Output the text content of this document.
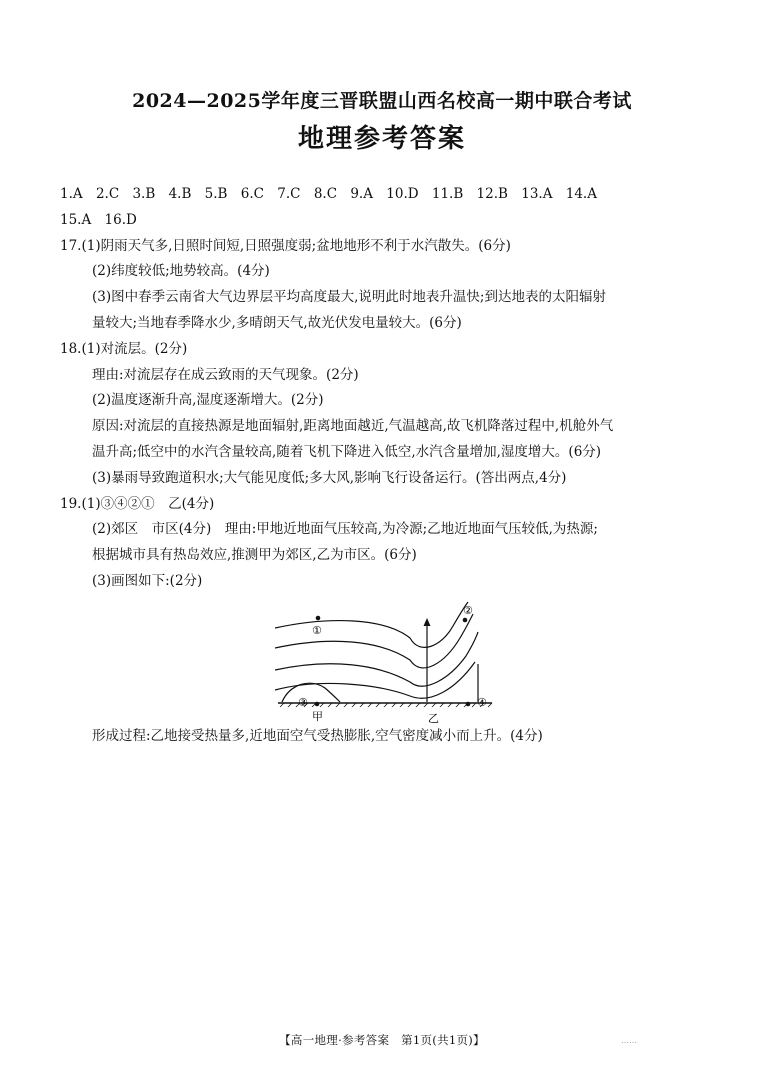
2024—2025学年度三晋联盟山西名校高一期中联合考试
地理参考答案
1.A 2.C 3.B 4.B 5.B 6.C 7.C 8.C 9.A 10.D 11.B 12.B 13.A 14.A
15.A 16.D
17.(1)阴雨天气多,日照时间短,日照强度弱;盆地地形不利于水汽散失。(6分)
(2)纬度较低;地势较高。(4分)
(3)图中春季云南省大气边界层平均高度最大,说明此时地表升温快;到达地表的太阳辐射
量较大;当地春季降水少,多晴朗天气,故光伏发电量较大。(6分)
18.(1)对流层。(2分)
理由:对流层存在成云致雨的天气现象。(2分)
(2)温度逐渐升高,湿度逐渐增大。(2分)
原因:对流层的直接热源是地面辐射,距离地面越近,气温越高,故飞机降落过程中,机舱外气
温升高;低空中的水汽含量较高,随着飞机下降进入低空,水汽含量增加,湿度增大。(6分)
(3)暴雨导致跑道积水;大气能见度低;多大风,影响飞行设备运行。(答出两点,4分)
19.(1)③④②①　乙(4分)
(2)郊区　市区(4分)　理由:甲地近地面气压较高,为冷源;乙地近地面气压较低,为热源;
根据城市具有热岛效应,推测甲为郊区,乙为市区。(6分)
(3)画图如下:(2分)
①
②
③	④
甲	乙
形成过程:乙地接受热量多,近地面空气受热膨胀,空气密度减小而上升。(4分)
【高一地理·参考答案　第1页(共1页)】	……
